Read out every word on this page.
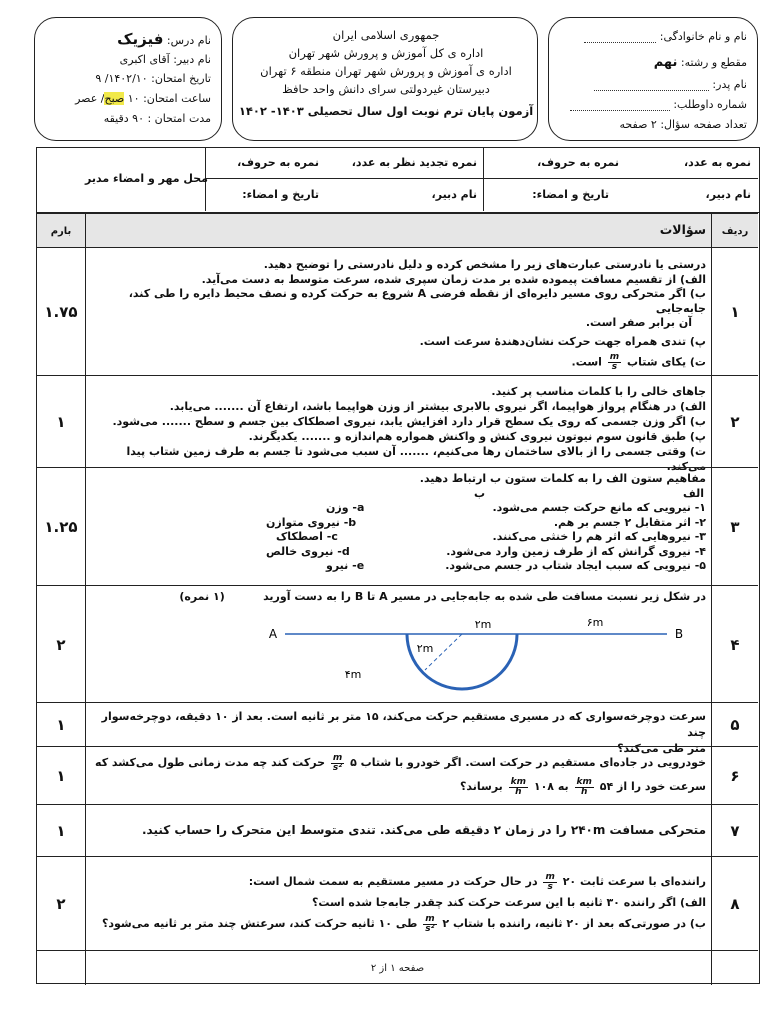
نام و نام خانوادگی:
مقطع و رشته: نهم
نام پدر:
شماره داوطلب:
تعداد صفحه سؤال: ۲ صفحه
جمهوری اسلامی ایران
اداره ی کل آموزش و پرورش شهر تهران
اداره ی آموزش و پرورش شهر تهران منطقه ۶ تهران
دبیرستان غیردولتی سرای دانش واحد حافظ
آزمون پایان ترم نوبت اول سال تحصیلی ۱۴۰۳- ۱۴۰۲
نام درس: فیزیک
نام دبیر: آقای اکبری
تاریخ امتحان: ۱۴۰۲/۱۰/ ۹
ساعت امتحان: ۱۰ صبح/ عصر
مدت امتحان : ۹۰ دقیقه
نمره به عدد،
نمره به حروف،
نام دبیر،
تاریخ و امضاء:
نمره تجدید نظر به عدد،
نمره به حروف،
نام دبیر،
تاریخ و امضاء:
محل مهر و امضاء مدیر
ردیف
بارم	سؤالات
۱
۱.۷۵

درستی یا نادرستی عبارت‌های زیر را مشخص کرده و دلیل نادرستی را توضیح دهید.

الف) از تقسیم مسافت پیموده شده بر مدت زمان سپری شده، سرعت متوسط به دست می‌آید.

ب) اگر متحرکی روی مسیر دایره‌ای از نقطه فرضی A شروع به حرکت کرده و نصف محیط دایره را طی کند، جابه‌جایی

آن برابر صفر است.

پ) تندی همراه جهت حرکت نشان‌دهندهٔ سرعت است.

ت) یکای شتاب
$\frac{m}{s}$
است.

۲
۱

جاهای خالی را با کلمات مناسب پر کنید.

الف) در هنگام پرواز هواپیما، اگر نیروی بالابری بیشتر از وزن هواپیما باشد، ارتفاع آن ....... می‌یابد.

ب) اگر وزن جسمی که روی یک سطح قرار دارد افزایش یابد، نیروی اصطکاک بین جسم و سطح ....... می‌شود.

پ) طبق قانون سوم نیوتون نیروی کنش و واکنش همواره هم‌اندازه و ....... یکدیگرند.

ت) وقتی جسمی را از بالای ساختمان رها می‌کنیم، ....... آن سبب می‌شود تا جسم به طرف زمین شتاب پیدا می‌کند.

۳
۱.۲۵

مفاهیم ستون الف را به کلمات ستون ب ارتباط دهید.

الف
ب
۱- نیرویی که مانع حرکت جسم می‌شود.
a- وزن
۲- اثر متقابل ۲ جسم بر هم.
b- نیروی متوازن
۳- نیروهایی که اثر هم را خنثی می‌کنند.
c- اصطکاک
۴- نیروی گرانش که از طرف زمین وارد می‌شود.
d- نیروی خالص
۵- نیرویی که سبب ایجاد شتاب در جسم می‌شود.
e- نیرو
۴
۲

در شکل زیر نسبت مسافت طی شده به جابه‌جایی در مسیر A تا B را به دست آورید          (۱ نمره)

۲m	۶m
۲m
۴m
A	B
۵
۱	سرعت دوچرخه‌سواری که در مسیری مستقیم حرکت می‌کند، ۱۵ متر بر ثانیه است. بعد از ۱۰ دقیقه، دوچرخه‌سوار چند

متر طی می‌کند؟

۶
۱

خودرویی در جاده‌ای مستقیم در حرکت است. اگر خودرو با شتاب ۵
$\frac{m}{\text{s²}}$
حرکت کند چه مدت زمانی طول می‌کشد که

سرعت خود را از ۵۴
$\frac{km}{h}$
به ۱۰۸
$\frac{km}{h}$
برساند؟

۷
۱	متحرکی مسافت ۲۴۰m را در زمان ۲ دقیقه طی می‌کند. تندی متوسط این متحرک را حساب کنید.
۸
۲

راننده‌ای با سرعت ثابت ۲۰
$\frac{m}{s}$
در حال حرکت در مسیر مستقیم به سمت شمال است:

الف) اگر راننده ۳۰ ثانیه با این سرعت حرکت کند چقدر جابه‌جا شده است؟

ب) در صورتی‌که بعد از ۲۰ ثانیه، راننده با شتاب ۲
$\frac{m}{\text{s²}}$
طی ۱۰ ثانیه حرکت کند، سرعتش چند متر بر ثانیه می‌شود؟

صفحه ۱ از ۲
